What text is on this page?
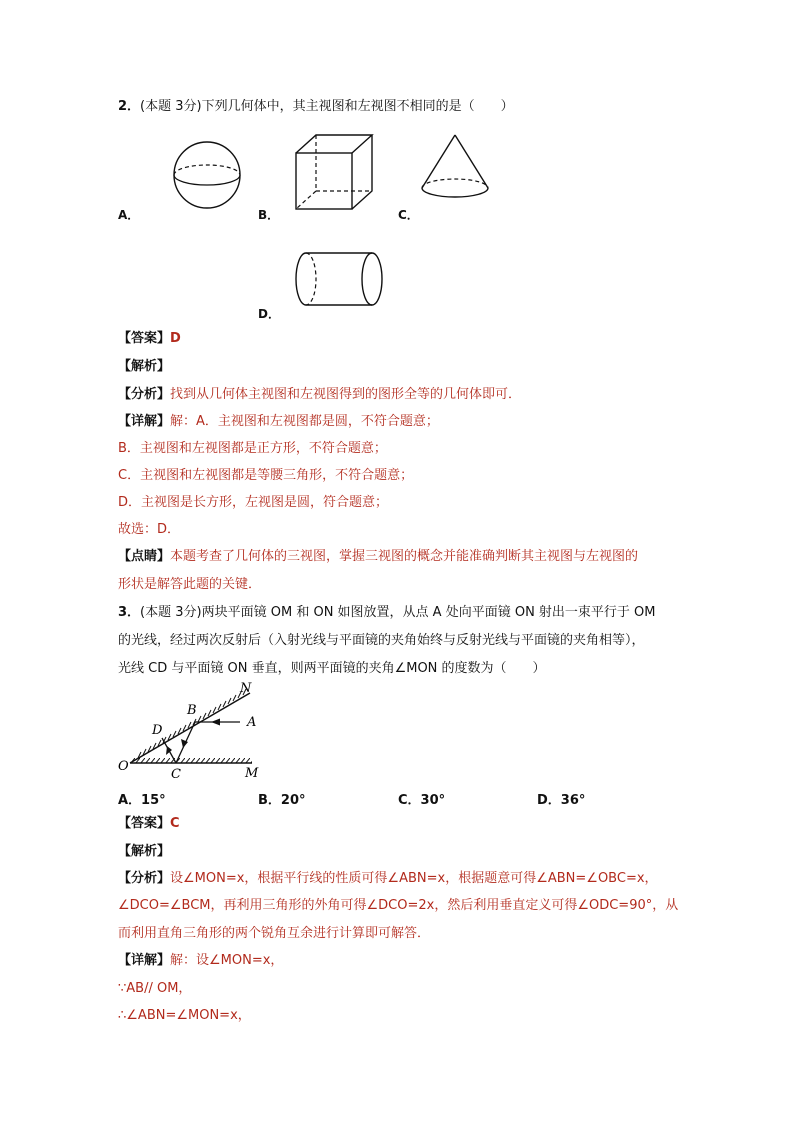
2．(本题 3分)下列几何体中，其主视图和左视图不相同的是（　　）
A．	B．	C．
D．
【答案】D
【解析】
【分析】找到从几何体主视图和左视图得到的图形全等的几何体即可．
【详解】解：A．主视图和左视图都是圆，不符合题意；
B．主视图和左视图都是正方形，不符合题意；
C．主视图和左视图都是等腰三角形，不符合题意；
D．主视图是长方形，左视图是圆，符合题意；
故选：D．
【点睛】本题考查了几何体的三视图，掌握三视图的概念并能准确判断其主视图与左视图的
形状是解答此题的关键．
3．(本题 3分)两块平面镜 OM 和 ON 如图放置，从点 A 处向平面镜 ON 射出一束平行于 OM
的光线，经过两次反射后（入射光线与平面镜的夹角始终与反射光线与平面镜的夹角相等），
光线 CD 与平面镜 ON 垂直，则两平面镜的夹角∠MON 的度数为（　　）
N
B
A
D
O
C	M
A．15°	B．20°	C．30°	D．36°
【答案】C
【解析】
【分析】设∠MON=x，根据平行线的性质可得∠ABN=x，根据题意可得∠ABN=∠OBC=x，
∠DCO=∠BCM，再利用三角形的外角可得∠DCO=2x，然后利用垂直定义可得∠ODC=90°，从
而利用直角三角形的两个锐角互余进行计算即可解答．
【详解】解：设∠MON=x，
∵AB// OM，
∴∠ABN=∠MON=x，
